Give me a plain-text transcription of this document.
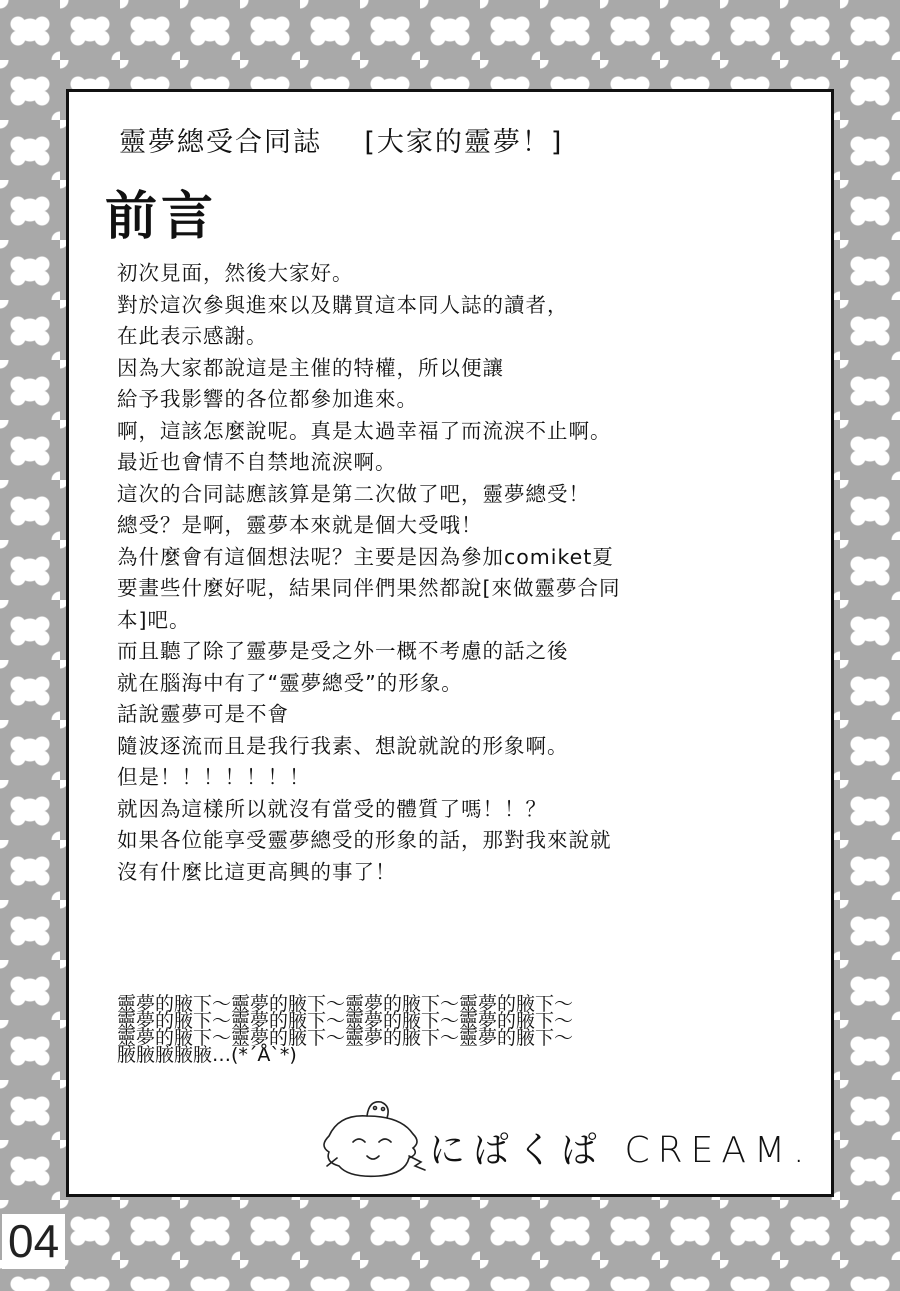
靈夢總受合同誌    [大家的靈夢！]
前言
初次見面，然後大家好。
對於這次參與進來以及購買這本同人誌的讀者，
在此表示感謝。
因為大家都說這是主催的特權，所以便讓
給予我影響的各位都參加進來。
啊，這該怎麼說呢。真是太過幸福了而流淚不止啊。
最近也會情不自禁地流淚啊。
這次的合同誌應該算是第二次做了吧，靈夢總受！
總受？是啊，靈夢本來就是個大受哦！
為什麼會有這個想法呢？主要是因為參加comiket夏
要畫些什麼好呢，結果同伴們果然都說[來做靈夢合同
本]吧。
而且聽了除了靈夢是受之外一概不考慮的話之後
就在腦海中有了“靈夢總受”的形象。
話說靈夢可是不會
隨波逐流而且是我行我素、想說就說的形象啊。
但是！！！！！！！
就因為這樣所以就沒有當受的體質了嗎！！？
如果各位能享受靈夢總受的形象的話，那對我來說就
沒有什麼比這更高興的事了！
靈夢的腋下～靈夢的腋下～靈夢的腋下～靈夢的腋下～
靈夢的腋下～靈夢的腋下～靈夢的腋下～靈夢的腋下～
靈夢的腋下～靈夢的腋下～靈夢的腋下～靈夢的腋下～
腋腋腋腋腋…(*´Å`*)
にぱくぱ CREAM.
04
